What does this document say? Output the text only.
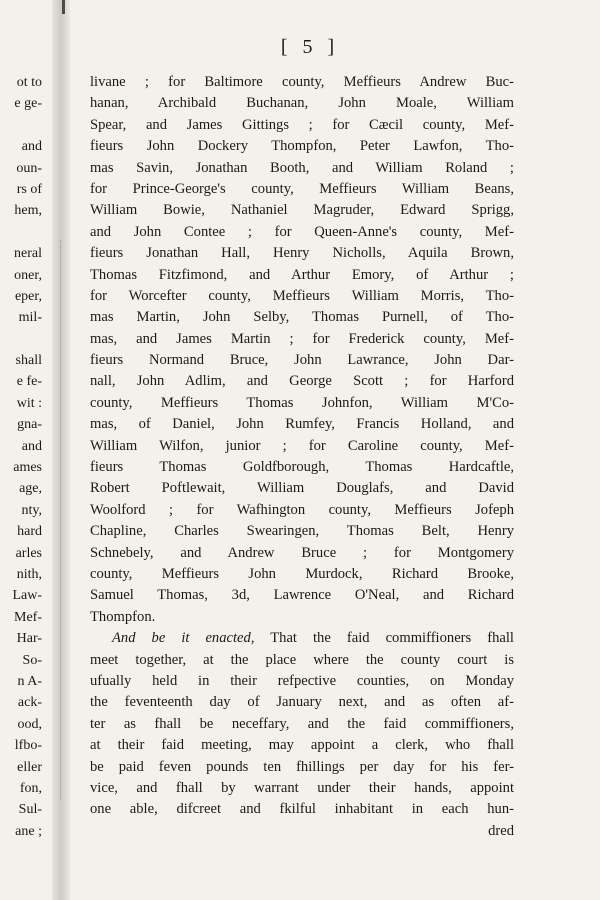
[ 5 ]
ot to
e ge-
and
oun-
rs of
hem,
neral
oner,
eper,
mil-
shall
e fe-
wit :
gna-
and
ames
age,
nty,
hard
arles
nith,
Law-
Mef-
Har-
So-
n A-
ack-
ood,
lfbo-
eller
fon,
Sul-
ane ;
livane ; for Baltimore county, Meffieurs Andrew Buc-
hanan, Archibald Buchanan, John Moale, William
Spear, and James Gittings ; for Cæcil county, Mef-
fieurs John Dockery Thompfon, Peter Lawfon, Tho-
mas Savin, Jonathan Booth, and William Roland ;
for Prince-George's county, Meffieurs William Beans,
William Bowie, Nathaniel Magruder, Edward Sprigg,
and John Contee ; for Queen-Anne's county, Mef-
fieurs Jonathan Hall, Henry Nicholls, Aquila Brown,
Thomas Fitzfimond, and Arthur Emory, of Arthur ;
for Worcefter county, Meffieurs William Morris, Tho-
mas Martin, John Selby, Thomas Purnell, of Tho-
mas, and James Martin ; for Frederick county, Mef-
fieurs Normand Bruce, John Lawrance, John Dar-
nall, John Adlim, and George Scott ; for Harford
county, Meffieurs Thomas Johnfon, William M'Co-
mas, of Daniel, John Rumfey, Francis Holland, and
William Wilfon, junior ; for Caroline county, Mef-
fieurs Thomas Goldfborough, Thomas Hardcaftle,
Robert Poftlewait, William Douglafs, and David
Woolford ; for Wafhington county, Meffieurs Jofeph
Chapline, Charles Swearingen, Thomas Belt, Henry
Schnebely, and Andrew Bruce ; for Montgomery
county, Meffieurs John Murdock, Richard Brooke,
Samuel Thomas, 3d, Lawrence O'Neal, and Richard
Thompfon.
And be it enacted, That the faid commiffioners fhall
meet together, at the place where the county court is
ufually held in their refpective counties, on Monday
the feventeenth day of January next, and as often af-
ter as fhall be neceffary, and the faid commiffioners,
at their faid meeting, may appoint a clerk, who fhall
be paid feven pounds ten fhillings per day for his fer-
vice, and fhall by warrant under their hands, appoint
one able, difcreet and fkilful inhabitant in each hun-
dred
